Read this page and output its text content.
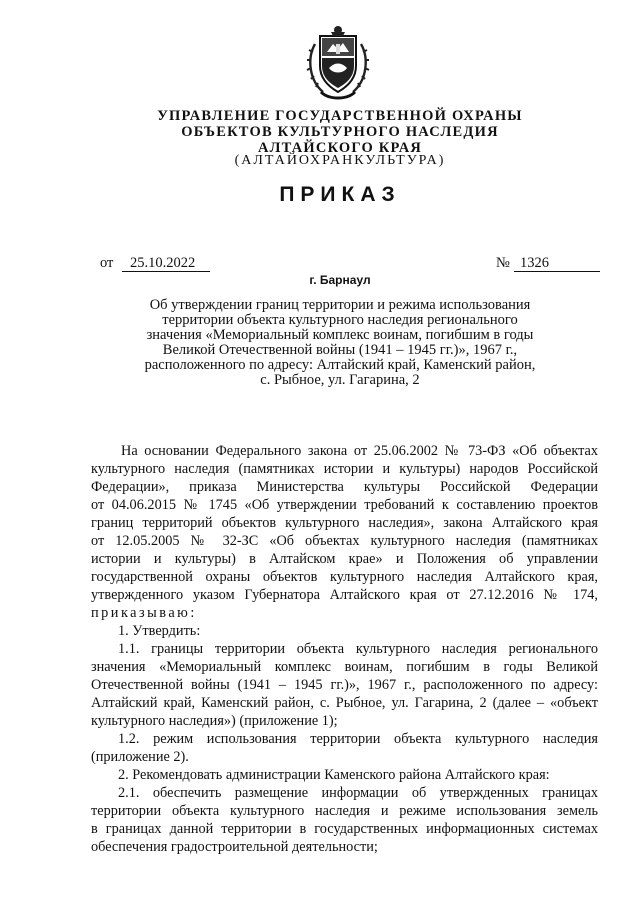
УПРАВЛЕНИЕ ГОСУДАРСТВЕННОЙ ОХРАНЫ
ОБЪЕКТОВ КУЛЬТУРНОГО НАСЛЕДИЯ
АЛТАЙСКОГО КРАЯ
(АЛТАЙОХРАНКУЛЬТУРА)
ПРИКАЗ
от	25.10.2022	№ 1326
г. Барнаул
Об утверждении границ территории и режима использования
территории объекта культурного наследия регионального
значения «Мемориальный комплекс воинам, погибшим в годы
Великой Отечественной войны (1941 – 1945 гг.)», 1967 г.,
расположенного по адресу: Алтайский край, Каменский район,
с. Рыбное, ул. Гагарина, 2
На основании Федерального закона от 25.06.2002 № 73-ФЗ «Об объектах
культурного наследия (памятниках истории и культуры) народов Российской
Федерации», приказа Министерства культуры Российской Федерации
от 04.06.2015 № 1745 «Об утверждении требований к составлению проектов
границ территорий объектов культурного наследия», закона Алтайского края
от 12.05.2005 № 32-ЗС «Об объектах культурного наследия (памятниках
истории и культуры) в Алтайском крае» и Положения об управлении
государственной охраны объектов культурного наследия Алтайского края,
утвержденного указом Губернатора Алтайского края от 27.12.2016 № 174,
приказываю:
1. Утвердить:
1.1. границы территории объекта культурного наследия регионального
значения «Мемориальный комплекс воинам, погибшим в годы Великой
Отечественной войны (1941 – 1945 гг.)», 1967 г., расположенного по адресу:
Алтайский край, Каменский район, с. Рыбное, ул. Гагарина, 2 (далее – «объект
культурного наследия») (приложение 1);
1.2. режим использования территории объекта культурного наследия
(приложение 2).
2. Рекомендовать администрации Каменского района Алтайского края:
2.1. обеспечить размещение информации об утвержденных границах
территории объекта культурного наследия и режиме использования земель
в границах данной территории в государственных информационных системах
обеспечения градостроительной деятельности;
